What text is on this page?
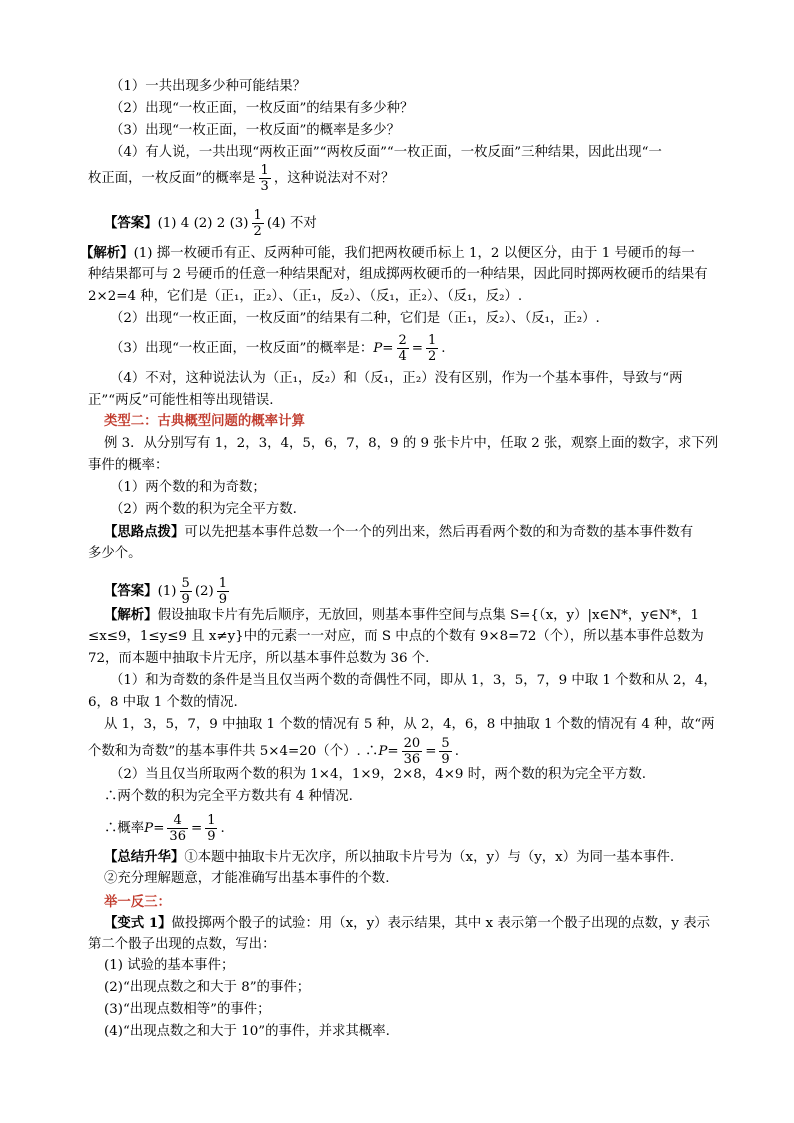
（1）一共出现多少种可能结果？
（2）出现“一枚正面，一枚反面”的结果有多少种？
（3）出现“一枚正面，一枚反面”的概率是多少？
（4）有人说，一共出现“两枚正面”“两枚反面”“一枚正面，一枚反面”三种结果，因此出现“一
枚正面，一枚反面”的概率是 $\frac{1}{3}$ ，这种说法对不对？
【答案】(1) 4 (2) 2 $(3) \frac{1}{2} (4)$ 不对
【解析】(1) 掷一枚硬币有正、反两种可能，我们把两枚硬币标上 1，2 以便区分，由于 1 号硬币的每一
种结果都可与 2 号硬币的任意一种结果配对，组成掷两枚硬币的一种结果，因此同时掷两枚硬币的结果有
2×2=4 种，它们是（正₁，正₂）、（正₁，反₂）、（反₁，正₂）、（反₁，反₂）.
（2）出现“一枚正面，一枚反面”的结果有二种，它们是（正₁，反₂）、（反₁，正₂）.
（3）出现“一枚正面，一枚反面”的概率是：$P= \frac{2}{4} = \frac{1}{2}$ .
（4）不对，这种说法认为（正₁，反₂）和（反₁，正₂）没有区别，作为一个基本事件，导致与“两
正”“两反”可能性相等出现错误.
类型二：古典概型问题的概率计算
例 3．从分别写有 1，2，3，4，5，6，7，8，9 的 9 张卡片中，任取 2 张，观察上面的数字，求下列
事件的概率：
（1）两个数的和为奇数；
（2）两个数的积为完全平方数.
【思路点拨】可以先把基本事件总数一个一个的列出来，然后再看两个数的和为奇数的基本事件数有
多少个。
【答案】$(1) \frac{5}{9} (2) \frac{1}{9}$
【解析】假设抽取卡片有先后顺序，无放回，则基本事件空间与点集 S={（x，y）|x∈N*，y∈N*，1
≤x≤9，1≤y≤9 且 x≠y}中的元素一一对应，而 S 中点的个数有 9×8=72（个），所以基本事件总数为
72，而本题中抽取卡片无序，所以基本事件总数为 36 个.
（1）和为奇数的条件是当且仅当两个数的奇偶性不同，即从 1，3，5，7，9 中取 1 个数和从 2，4，
6，8 中取 1 个数的情况.
从 1，3，5，7，9 中抽取 1 个数的情况有 5 种，从 2，4，6，8 中抽取 1 个数的情况有 4 种，故“两
个数和为奇数”的基本事件共 5×4=20（个）. ∴P= $\frac{20}{36} = \frac{5}{9}$ .
（2）当且仅当所取两个数的积为 1×4，1×9，2×8，4×9 时，两个数的积为完全平方数.
∴两个数的积为完全平方数共有 4 种情况.
∴概率$P= \frac{4}{36} = \frac{1}{9}$ .
【总结升华】①本题中抽取卡片无次序，所以抽取卡片号为（x，y）与（y，x）为同一基本事件.
②充分理解题意，才能准确写出基本事件的个数.
举一反三：
【变式 1】做投掷两个骰子的试验：用（x，y）表示结果，其中 x 表示第一个骰子出现的点数，y 表示
第二个骰子出现的点数，写出：
(1) 试验的基本事件；
(2)“出现点数之和大于 8”的事件；
(3)“出现点数相等”的事件；
(4)“出现点数之和大于 10”的事件，并求其概率.
